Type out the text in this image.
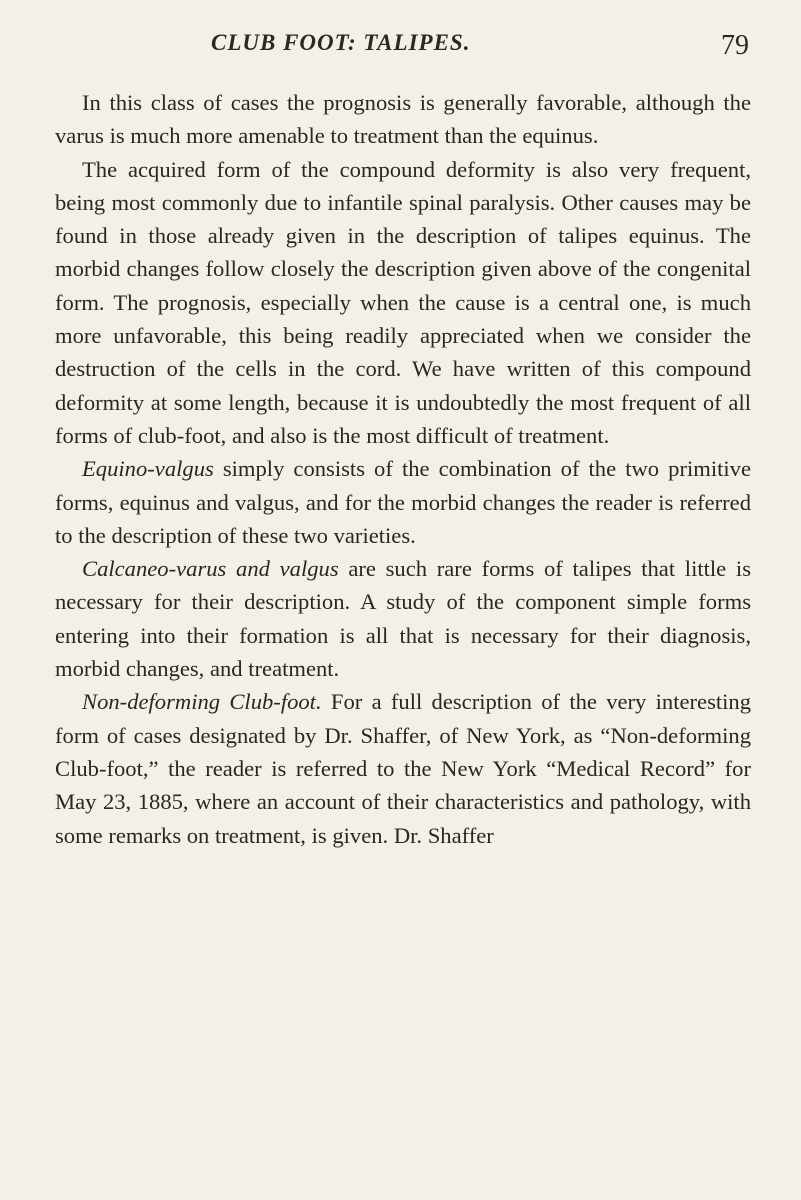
CLUB FOOT: TALIPES.	79

In this class of cases the prognosis is generally favorable, although the varus is much more amenable to treatment than the equinus.

The acquired form of the compound deformity is also very frequent, being most commonly due to infantile spinal paralysis. Other causes may be found in those already given in the description of talipes equinus. The morbid changes follow closely the description given above of the congenital form. The prognosis, especially when the cause is a central one, is much more unfavorable, this being readily appreciated when we consider the destruction of the cells in the cord. We have written of this compound deformity at some length, because it is undoubtedly the most frequent of all forms of club-foot, and also is the most difficult of treatment.

Equino-valgus simply consists of the combination of the two primitive forms, equinus and valgus, and for the morbid changes the reader is referred to the description of these two varieties.

Calcaneo-varus and valgus are such rare forms of talipes that little is necessary for their description. A study of the component simple forms entering into their formation is all that is necessary for their diagnosis, morbid changes, and treatment.

Non-deforming Club-foot. For a full description of the very interesting form of cases designated by Dr. Shaffer, of New York, as “Non-deforming Club-foot,” the reader is referred to the New York “Medical Record” for May 23, 1885, where an account of their characteristics and pathology, with some remarks on treatment, is given. Dr. Shaffer
